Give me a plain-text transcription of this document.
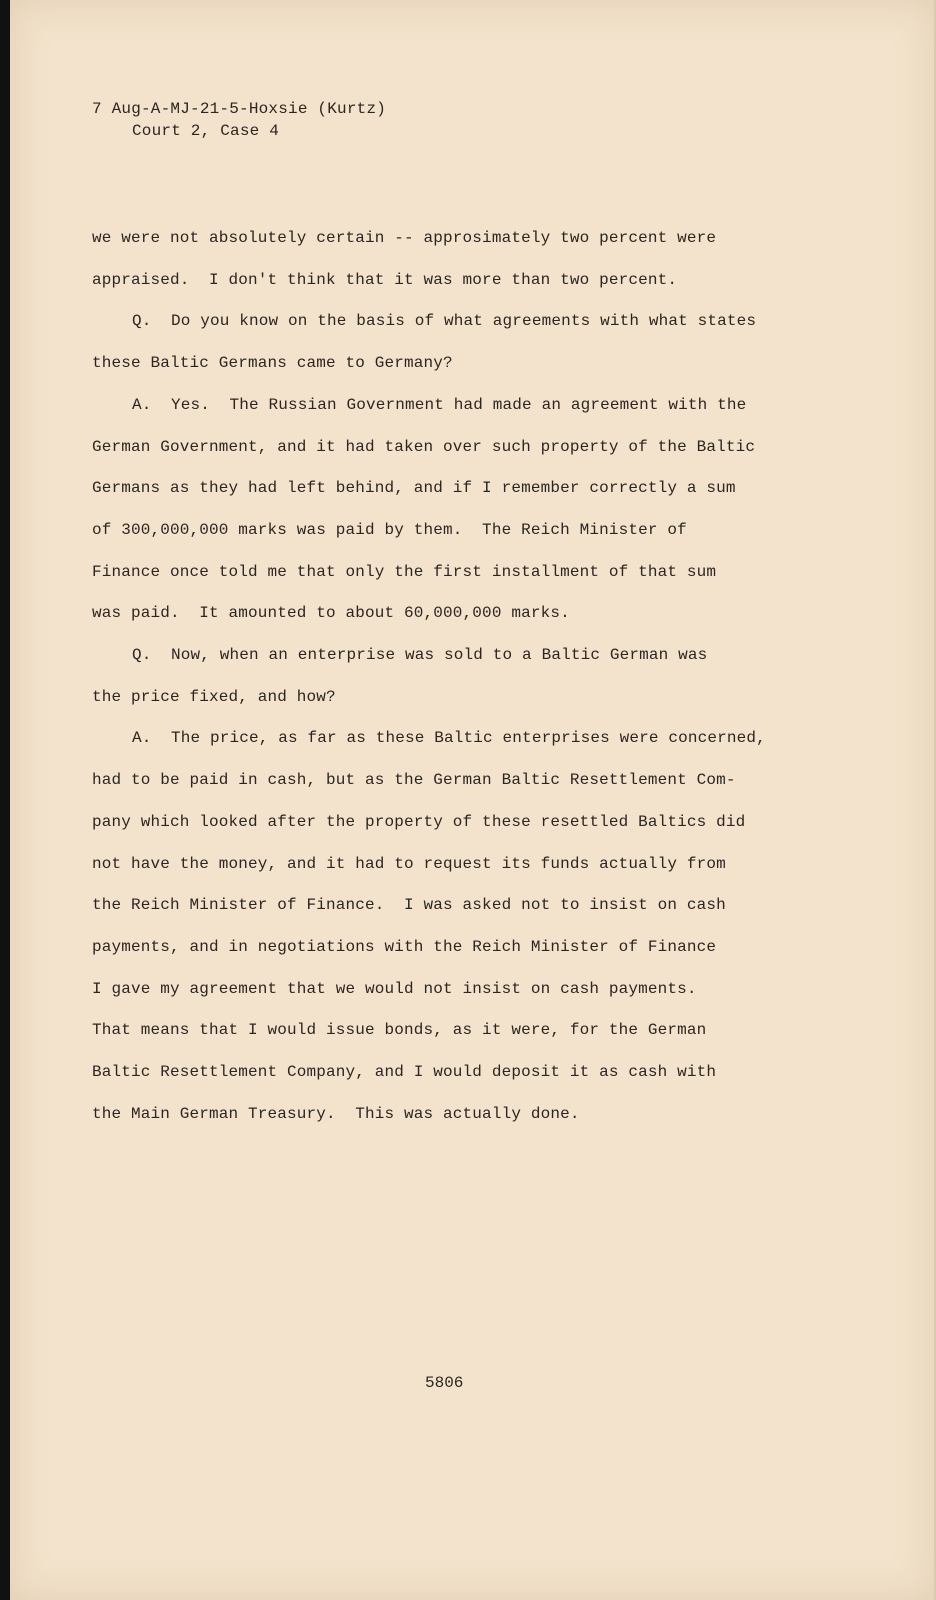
7 Aug-A-MJ-21-5-Hoxsie (Kurtz)
Court 2, Case 4
we were not absolutely certain -- approsimately two percent were
appraised.  I don't think that it was more than two percent.
Q.  Do you know on the basis of what agreements with what states
these Baltic Germans came to Germany?
A.  Yes.  The Russian Government had made an agreement with the
German Government, and it had taken over such property of the Baltic
Germans as they had left behind, and if I remember correctly a sum
of 300,000,000 marks was paid by them.  The Reich Minister of
Finance once told me that only the first installment of that sum
was paid.  It amounted to about 60,000,000 marks.
Q.  Now, when an enterprise was sold to a Baltic German was
the price fixed, and how?
A.  The price, as far as these Baltic enterprises were concerned,
had to be paid in cash, but as the German Baltic Resettlement Com-
pany which looked after the property of these resettled Baltics did
not have the money, and it had to request its funds actually from
the Reich Minister of Finance.  I was asked not to insist on cash
payments, and in negotiations with the Reich Minister of Finance
I gave my agreement that we would not insist on cash payments.
That means that I would issue bonds, as it were, for the German
Baltic Resettlement Company, and I would deposit it as cash with
the Main German Treasury.  This was actually done.
5806
